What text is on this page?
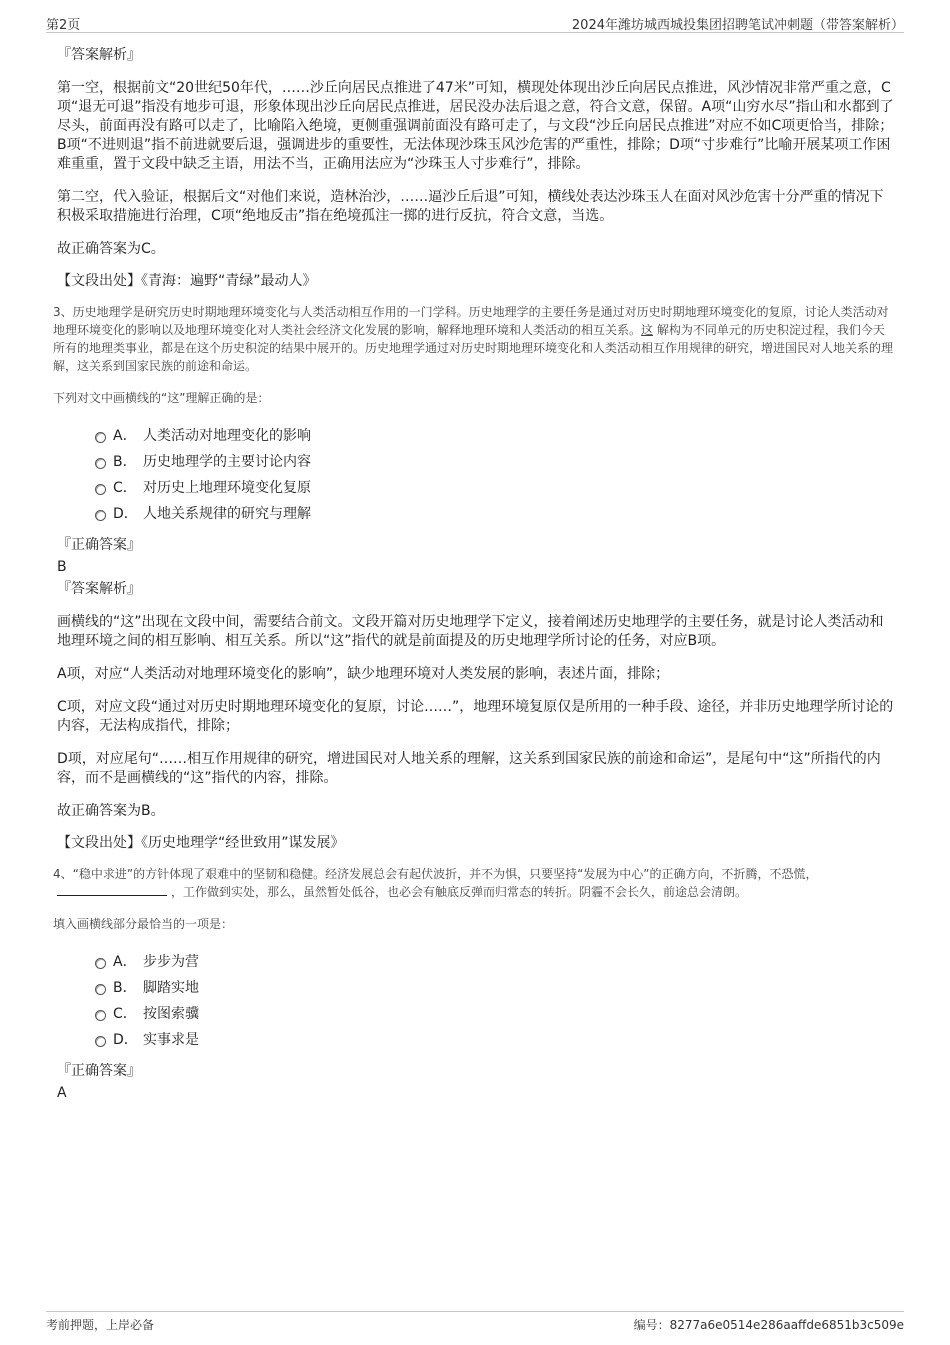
第2页	2024年潍坊城西城投集团招聘笔试冲刺题（带答案解析）

『答案解析』

第一空，根据前文“20世纪50年代，……沙丘向居民点推进了47米”可知，横现处体现出沙丘向居民点推进，风沙情况非常严重之意，C项“退无可退”指没有地步可退，形象体现出沙丘向居民点推进，居民没办法后退之意，符合文意，保留。A项“山穷水尽”指山和水都到了尽头，前面再没有路可以走了，比喻陷入绝境，更侧重强调前面没有路可走了，与文段“沙丘向居民点推进”对应不如C项更恰当，排除；B项“不进则退”指不前进就要后退，强调进步的重要性，无法体现沙珠玉风沙危害的严重性，排除；D项“寸步难行”比喻开展某项工作困难重重，置于文段中缺乏主语，用法不当，正确用法应为“沙珠玉人寸步难行”，排除。

第二空，代入验证，根据后文“对他们来说，造林治沙，……逼沙丘后退”可知，横线处表达沙珠玉人在面对风沙危害十分严重的情况下积极采取措施进行治理，C项“绝地反击”指在绝境孤注一掷的进行反抗，符合文意，当选。

故正确答案为C。

【文段出处】《青海：遍野“青绿”最动人》

3、历史地理学是研究历史时期地理环境变化与人类活动相互作用的一门学科。历史地理学的主要任务是通过对历史时期地理环境变化的复原，讨论人类活动对地理环境变化的影响以及地理环境变化对人类社会经济文化发展的影响，解释地理环境和人类活动的相互关系。这 解构为不同单元的历史积淀过程，我们今天所有的地理类事业，都是在这个历史积淀的结果中展开的。历史地理学通过对历史时期地理环境变化和人类活动相互作用规律的研究，增进国民对人地关系的理解，这关系到国家民族的前途和命运。

下列对文中画横线的“这”理解正确的是：

A． 人类活动对地理变化的影响
B． 历史地理学的主要讨论内容
C． 对历史上地理环境变化复原
D． 人地关系规律的研究与理解

『正确答案』

B

『答案解析』

画横线的“这”出现在文段中间，需要结合前文。文段开篇对历史地理学下定义，接着阐述历史地理学的主要任务，就是讨论人类活动和地理环境之间的相互影响、相互关系。所以“这”指代的就是前面提及的历史地理学所讨论的任务，对应B项。

A项，对应“人类活动对地理环境变化的影响”，缺少地理环境对人类发展的影响，表述片面，排除；

C项，对应文段“通过对历史时期地理环境变化的复原，讨论……”，地理环境复原仅是所用的一种手段、途径，并非历史地理学所讨论的内容，无法构成指代，排除；

D项，对应尾句“……相互作用规律的研究，增进国民对人地关系的理解，这关系到国家民族的前途和命运”，是尾句中“这”所指代的内容，而不是画横线的“这”指代的内容，排除。

故正确答案为B。

【文段出处】《历史地理学“经世致用”谋发展》

4、“稳中求进”的方针体现了艰难中的坚韧和稳健。经济发展总会有起伏波折，并不为惧，只要坚持“发展为中心”的正确方向，不折腾，不恐慌，，工作做到实处，那么，虽然暂处低谷，也必会有触底反弹而归常态的转折。阴霾不会长久，前途总会清朗。

填入画横线部分最恰当的一项是：

A． 步步为营
B． 脚踏实地
C． 按图索骥
D． 实事求是

『正确答案』

A

考前押题，上岸必备	编号：8277a6e0514e286aaffde6851b3c509e
